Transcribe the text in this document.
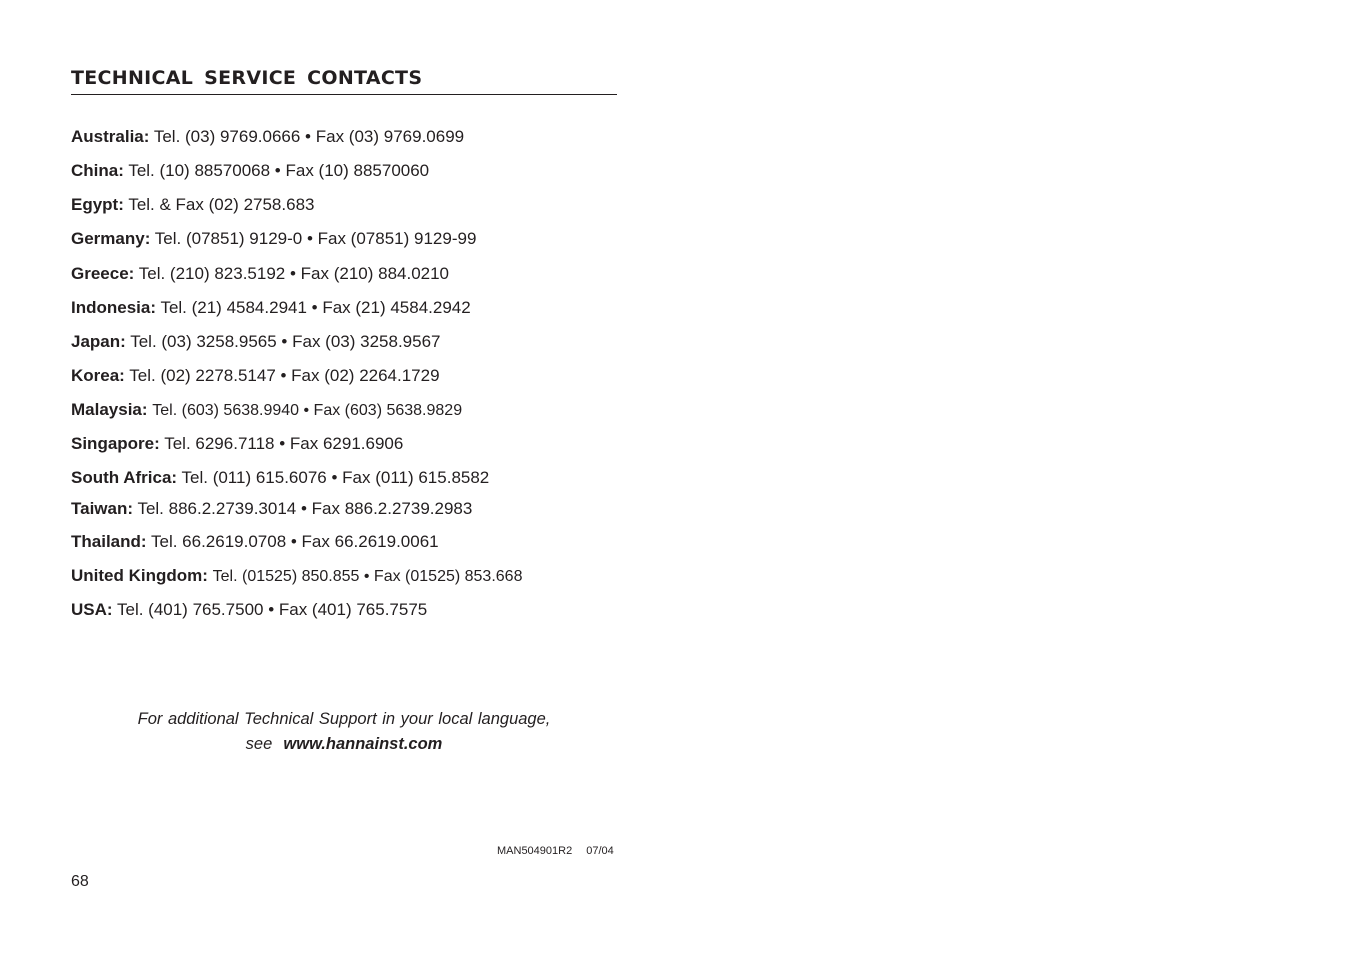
TECHNICAL SERVICE CONTACTS
Australia: Tel. (03) 9769.0666 • Fax (03) 9769.0699
China: Tel. (10) 88570068 • Fax (10) 88570060
Egypt: Tel. & Fax (02) 2758.683
Germany: Tel. (07851) 9129-0 • Fax (07851) 9129-99
Greece: Tel. (210) 823.5192 • Fax (210) 884.0210
Indonesia: Tel. (21) 4584.2941 • Fax (21) 4584.2942
Japan: Tel. (03) 3258.9565 • Fax (03) 3258.9567
Korea: Tel. (02) 2278.5147 • Fax (02) 2264.1729
Malaysia: Tel. (603) 5638.9940 • Fax (603) 5638.9829
Singapore: Tel. 6296.7118 • Fax 6291.6906
South Africa: Tel. (011) 615.6076 • Fax (011) 615.8582
Taiwan: Tel. 886.2.2739.3014 • Fax 886.2.2739.2983
Thailand: Tel. 66.2619.0708 • Fax 66.2619.0061
United Kingdom: Tel. (01525) 850.855 • Fax (01525) 853.668
USA: Tel. (401) 765.7500 • Fax (401) 765.7575
For additional Technical Support in your local language,
see www.hannainst.com
MAN504901R2 07/04
68
